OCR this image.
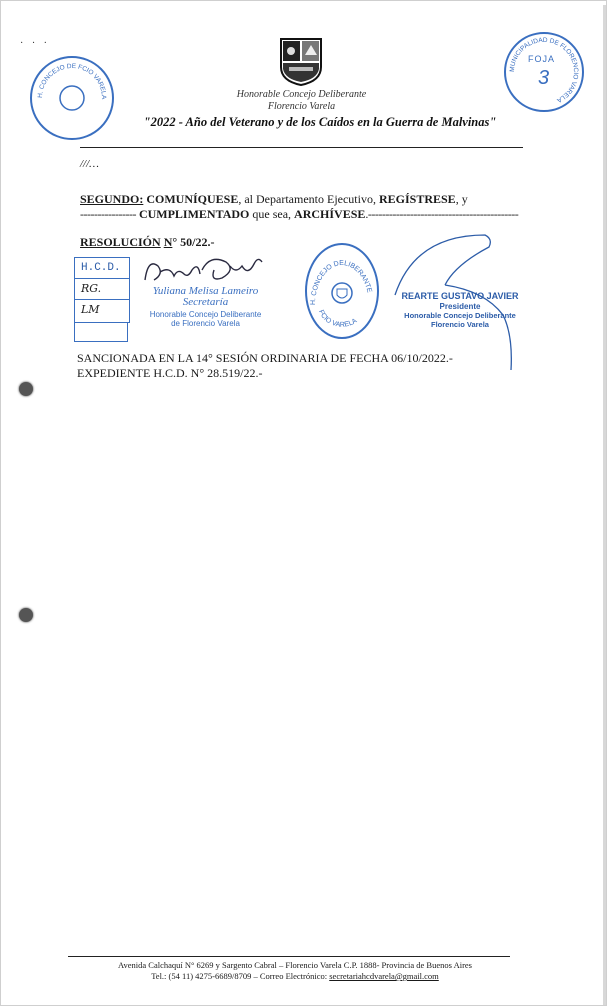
· · ·
Honorable Concejo Deliberante
Florencio Varela
"2022 - Año del Veterano y de los Caídos en la Guerra de Malvinas"
MUNICIPALIDAD DE FLORENCIO VARELA
FOJA
3
H. CONCEJO DE FCIO VARELA
///…
SEGUNDO: COMUNÍQUESE, al Departamento Ejecutivo, REGÍSTRESE, y
---------------- CUMPLIMENTADO que sea, ARCHÍVESE.-------------------------------------------
RESOLUCIÓN N° 50/22.-
H.C.D.
RG.
LM
Yuliana Melisa Lameiro
Secretaría
Honorable Concejo Deliberante
de Florencio Varela
H. CONCEJO DELIBERANTE
FCIO VARELA
REARTE GUSTAVO JAVIER
Presidente
Honorable Concejo Deliberante
Florencio Varela
SANCIONADA EN LA 14° SESIÓN ORDINARIA DE FECHA 06/10/2022.-
EXPEDIENTE H.C.D. N° 28.519/22.-
Avenida Calchaquí N° 6269 y Sargento Cabral – Florencio Varela C.P. 1888- Provincia de Buenos Aires
Tel.: (54 11) 4275-6689/8709 – Correo Electrónico: secretariahcdvarela@gmail.com
